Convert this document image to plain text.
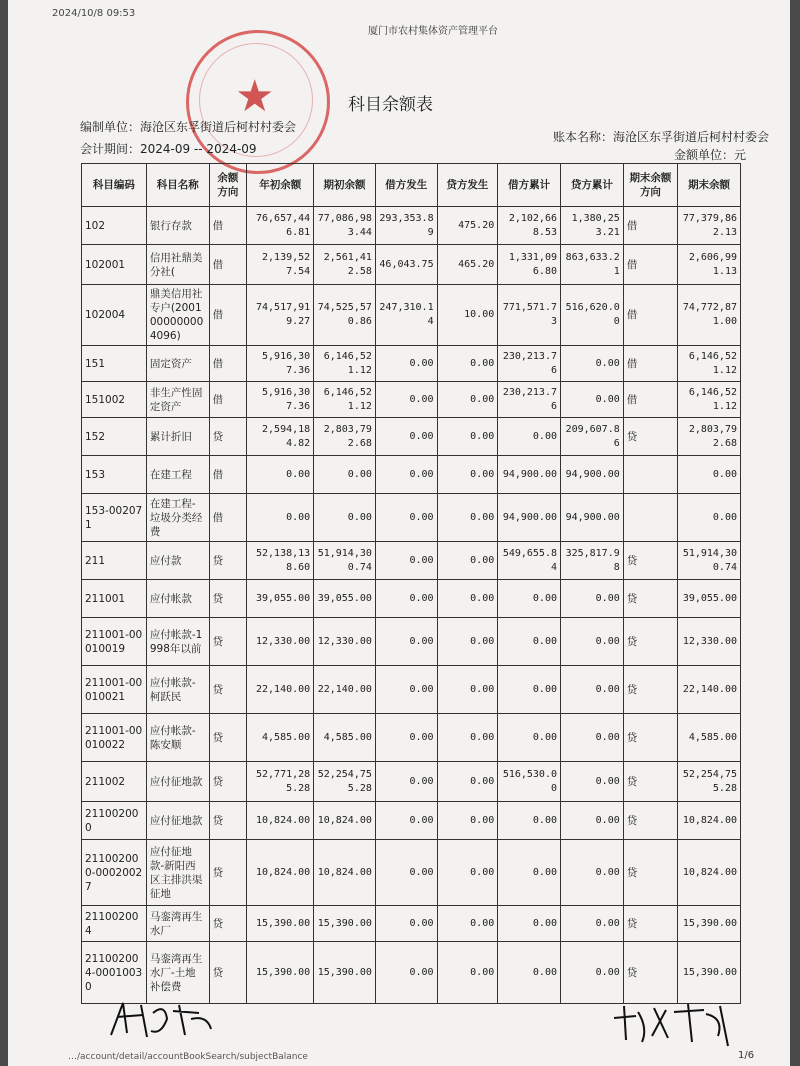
2024/10/8 09:53
厦门市农村集体资产管理平台
★	科目余额表
编制单位：海沧区东孚街道后柯村村委会
会计期间：2024-09 -- 2024-09
账本名称：海沧区东孚街道后柯村村委会
金额单位：元
科目编码	科目名称	余额方向	年初余额	期初余额	借方发生	贷方发生	借方累计	贷方累计	期末余额方向	期末余额
102	银行存款	借	76,657,446.81	77,086,983.44	293,353.89	475.20	2,102,668.53	1,380,253.21	借	77,379,862.13
102001	信用社鼎美分社(	借	2,139,527.54	2,561,412.58	46,043.75	465.20	1,331,096.80	863,633.21	借	2,606,991.13
102004	鼎美信用社专户(2001000000004096)	借	74,517,919.27	74,525,570.86	247,310.14	10.00	771,571.73	516,620.00	借	74,772,871.00
151	固定资产	借	5,916,307.36	6,146,521.12	0.00	0.00	230,213.76	0.00	借	6,146,521.12
151002	非生产性固定资产	借	5,916,307.36	6,146,521.12	0.00	0.00	230,213.76	0.00	借	6,146,521.12
152	累计折旧	贷	2,594,184.82	2,803,792.68	0.00	0.00	0.00	209,607.86	贷	2,803,792.68
153	在建工程	借	0.00	0.00	0.00	0.00	94,900.00	94,900.00		0.00
153-002071	在建工程-垃圾分类经费	借	0.00	0.00	0.00	0.00	94,900.00	94,900.00		0.00
211	应付款	贷	52,138,138.60	51,914,300.74	0.00	0.00	549,655.84	325,817.98	贷	51,914,300.74
211001	应付帐款	贷	39,055.00	39,055.00	0.00	0.00	0.00	0.00	贷	39,055.00
211001-00010019	应付帐款-1998年以前	贷	12,330.00	12,330.00	0.00	0.00	0.00	0.00	贷	12,330.00
211001-00010021	应付帐款-柯跃民	贷	22,140.00	22,140.00	0.00	0.00	0.00	0.00	贷	22,140.00
211001-00010022	应付帐款-陈安顺	贷	4,585.00	4,585.00	0.00	0.00	0.00	0.00	贷	4,585.00
211002	应付征地款	贷	52,771,285.28	52,254,755.28	0.00	0.00	516,530.00	0.00	贷	52,254,755.28
211002000	应付征地款	贷	10,824.00	10,824.00	0.00	0.00	0.00	0.00	贷	10,824.00
211002000-00020027	应付征地款-新阳西区主排洪渠征地	贷	10,824.00	10,824.00	0.00	0.00	0.00	0.00	贷	10,824.00
211002004	马銮湾再生水厂	贷	15,390.00	15,390.00	0.00	0.00	0.00	0.00	贷	15,390.00
211002004-00010030	马銮湾再生水厂-土地补偿费	贷	15,390.00	15,390.00	0.00	0.00	0.00	0.00	贷	15,390.00
…/account/detail/accountBookSearch/subjectBalance	1/6
